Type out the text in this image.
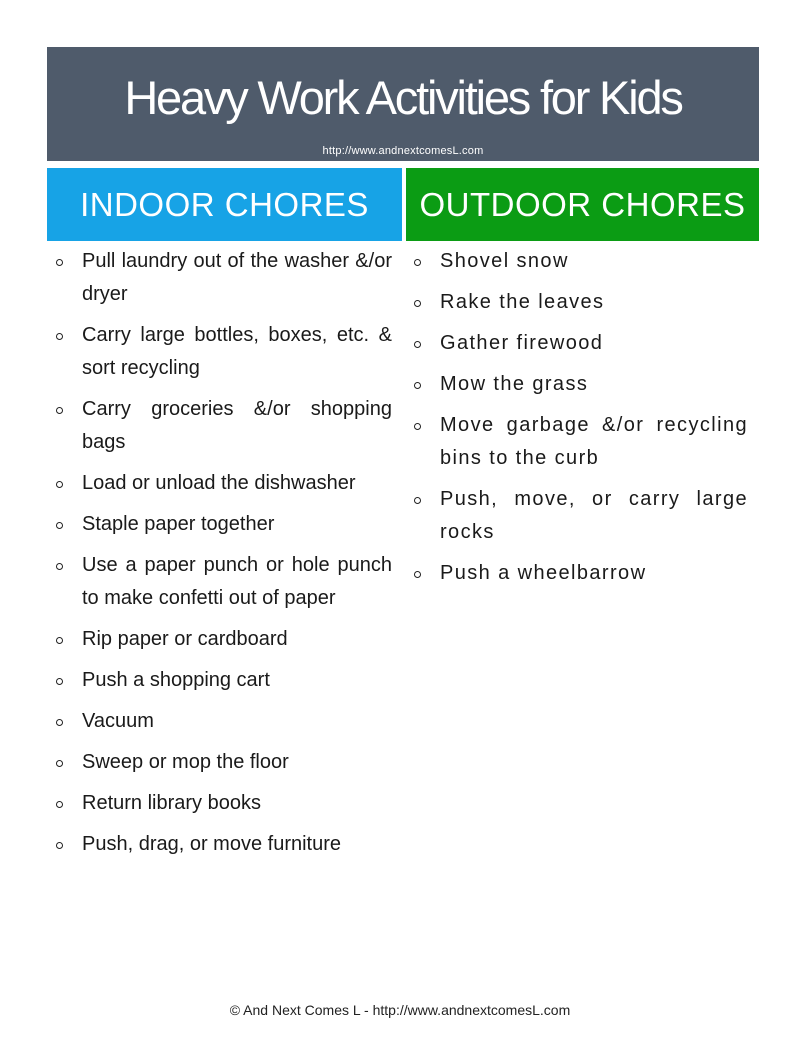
Heavy Work Activities for Kids
http://www.andnextcomesL.com
INDOOR CHORES	OUTDOOR CHORES
Pull laundry out of the washer &/or dryer
Carry large bottles, boxes, etc. & sort recycling
Carry groceries &/or shopping bags
Load or unload the dishwasher
Staple paper together
Use a paper punch or hole punch to make confetti out of paper
Rip paper or cardboard
Push a shopping cart
Vacuum
Sweep or mop the floor
Return library books
Push, drag, or move furniture
Shovel snow
Rake the leaves
Gather firewood
Mow the grass
Move garbage &/or recycling bins to the curb
Push, move, or carry large rocks
Push a wheelbarrow
© And Next Comes L - http://www.andnextcomesL.com
